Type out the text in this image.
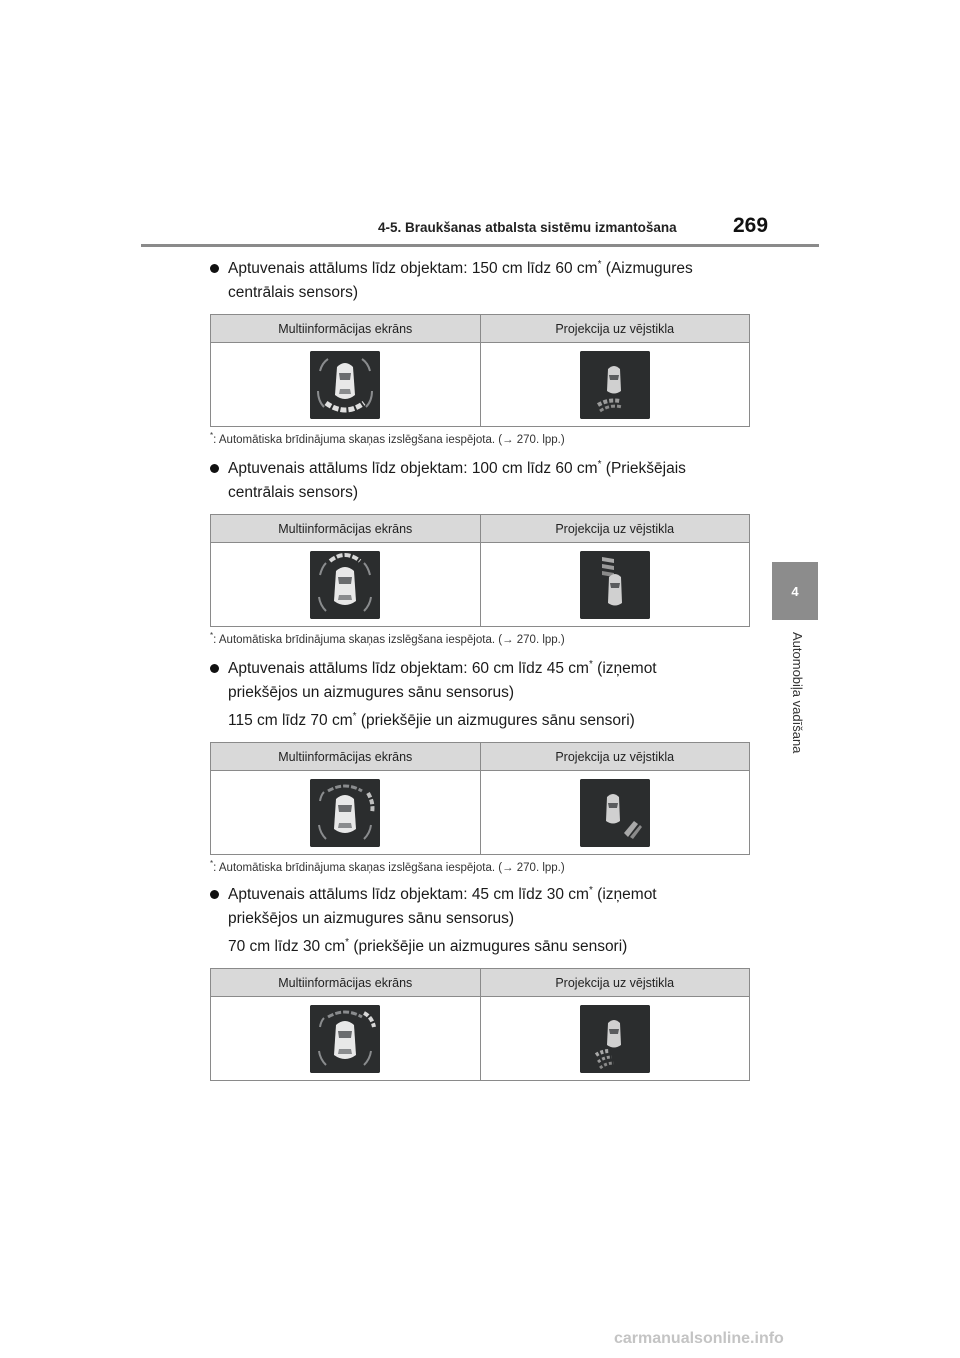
4-5. Braukšanas atbalsta sistēmu izmantošana	269
4
Automobiļa vadīšana
Aptuvenais attālums līdz objektam: 150 cm līdz 60 cm* (Aizmugures
centrālais sensors)
Multiinformācijas ekrāns	Projekcija uz vējstikla
*: Automātiska brīdinājuma skaņas izslēgšana iespējota. (→ 270. lpp.)
Aptuvenais attālums līdz objektam: 100 cm līdz 60 cm* (Priekšējais
centrālais sensors)
Multiinformācijas ekrāns	Projekcija uz vējstikla
*: Automātiska brīdinājuma skaņas izslēgšana iespējota. (→ 270. lpp.)
Aptuvenais attālums līdz objektam: 60 cm līdz 45 cm* (izņemot
priekšējos un aizmugures sānu sensorus)
115 cm līdz 70 cm* (priekšējie un aizmugures sānu sensori)
Multiinformācijas ekrāns	Projekcija uz vējstikla
*: Automātiska brīdinājuma skaņas izslēgšana iespējota. (→ 270. lpp.)
Aptuvenais attālums līdz objektam: 45 cm līdz 30 cm* (izņemot
priekšējos un aizmugures sānu sensorus)
70 cm līdz 30 cm* (priekšējie un aizmugures sānu sensori)
Multiinformācijas ekrāns	Projekcija uz vējstikla
carmanualsonline.info
